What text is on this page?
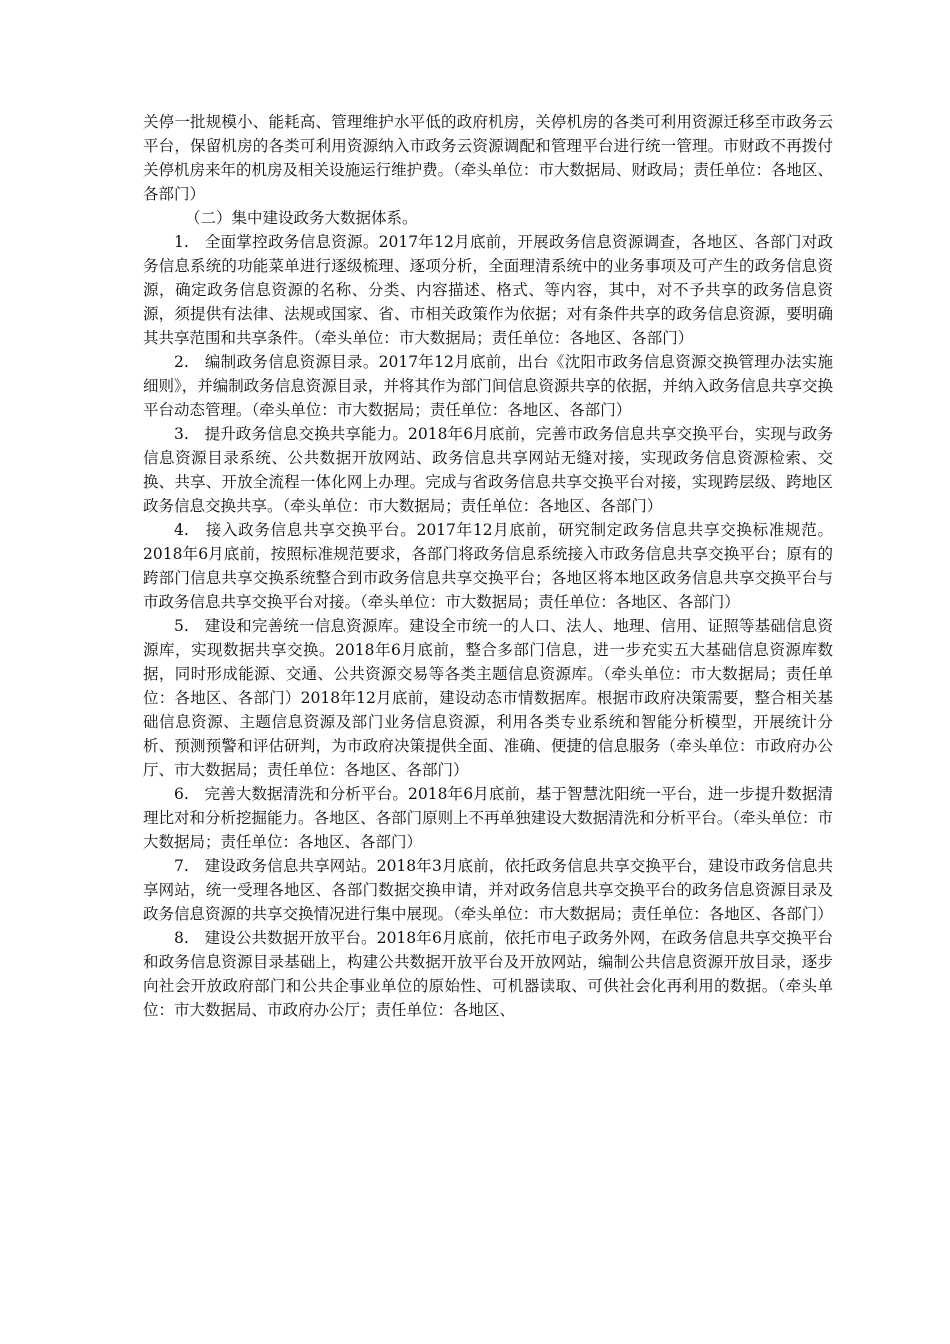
关停一批规模小、能耗高、管理维护水平低的政府机房，关停机房的各类可利用资源迁移至市政务云平台，保留机房的各类可利用资源纳入市政务云资源调配和管理平台进行统一管理。市财政不再拨付关停机房来年的机房及相关设施运行维护费。（牵头单位：市大数据局、财政局；责任单位：各地区、各部门）

（二）集中建设政务大数据体系。

1.　全面掌控政务信息资源。2017年12月底前，开展政务信息资源调查，各地区、各部门对政务信息系统的功能菜单进行逐级梳理、逐项分析，全面理清系统中的业务事项及可产生的政务信息资源，确定政务信息资源的名称、分类、内容描述、格式、等内容，其中，对不予共享的政务信息资源，须提供有法律、法规或国家、省、市相关政策作为依据；对有条件共享的政务信息资源，要明确其共享范围和共享条件。（牵头单位：市大数据局；责任单位：各地区、各部门）

2.　编制政务信息资源目录。2017年12月底前，出台《沈阳市政务信息资源交换管理办法实施细则》，并编制政务信息资源目录，并将其作为部门间信息资源共享的依据，并纳入政务信息共享交换平台动态管理。（牵头单位：市大数据局；责任单位：各地区、各部门）

3.　提升政务信息交换共享能力。2018年6月底前，完善市政务信息共享交换平台，实现与政务信息资源目录系统、公共数据开放网站、政务信息共享网站无缝对接，实现政务信息资源检索、交换、共享、开放全流程一体化网上办理。完成与省政务信息共享交换平台对接，实现跨层级、跨地区政务信息交换共享。（牵头单位：市大数据局；责任单位：各地区、各部门）

4.　接入政务信息共享交换平台。2017年12月底前，研究制定政务信息共享交换标准规范。2018年6月底前，按照标准规范要求，各部门将政务信息系统接入市政务信息共享交换平台；原有的跨部门信息共享交换系统整合到市政务信息共享交换平台；各地区将本地区政务信息共享交换平台与市政务信息共享交换平台对接。（牵头单位：市大数据局；责任单位：各地区、各部门）

5.　建设和完善统一信息资源库。建设全市统一的人口、法人、地理、信用、证照等基础信息资源库，实现数据共享交换。2018年6月底前，整合多部门信息，进一步充实五大基础信息资源库数据，同时形成能源、交通、公共资源交易等各类主题信息资源库。（牵头单位：市大数据局；责任单位：各地区、各部门）2018年12月底前，建设动态市情数据库。根据市政府决策需要，整合相关基础信息资源、主题信息资源及部门业务信息资源，利用各类专业系统和智能分析模型，开展统计分析、预测预警和评估研判，为市政府决策提供全面、准确、便捷的信息服务（牵头单位：市政府办公厅、市大数据局；责任单位：各地区、各部门）

6.　完善大数据清洗和分析平台。2018年6月底前，基于智慧沈阳统一平台，进一步提升数据清理比对和分析挖掘能力。各地区、各部门原则上不再单独建设大数据清洗和分析平台。（牵头单位：市大数据局；责任单位：各地区、各部门）

7.　建设政务信息共享网站。2018年3月底前，依托政务信息共享交换平台，建设市政务信息共享网站，统一受理各地区、各部门数据交换申请，并对政务信息共享交换平台的政务信息资源目录及政务信息资源的共享交换情况进行集中展现。（牵头单位：市大数据局；责任单位：各地区、各部门）

8.　建设公共数据开放平台。2018年6月底前，依托市电子政务外网，在政务信息共享交换平台和政务信息资源目录基础上，构建公共数据开放平台及开放网站，编制公共信息资源开放目录，逐步向社会开放政府部门和公共企事业单位的原始性、可机器读取、可供社会化再利用的数据。（牵头单位：市大数据局、市政府办公厅；责任单位：各地区、
